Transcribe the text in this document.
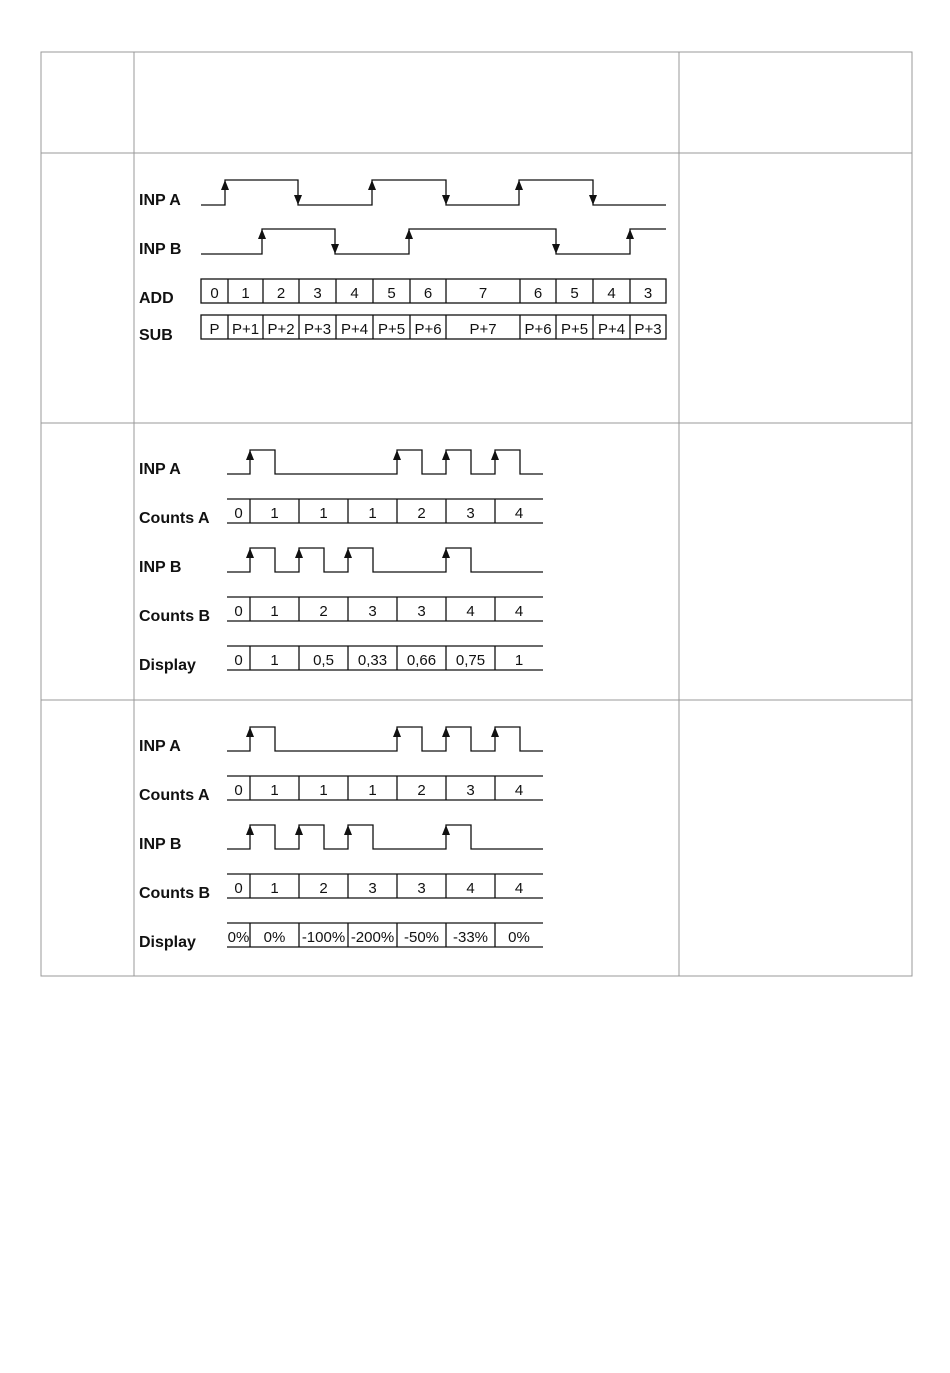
INP A
INP B
ADD 0 1 2 3 4 5 6	7	6 5 4 3
SUB P P+1 P+2 P+3 P+4 P+5 P+6 P+7 P+6 P+5 P+4 P+3
INP A
Counts A 0 1	1	1	2	3	4
INP B
Counts B 0 1	2	3	3	4	4
Display	0 1 0,5 0,33 0,66 0,75 1
INP A
Counts A 0 1	1	1	2	3	4
INP B
Counts B 0 1	2	3	3	4	4
Display 0% 0% -100% -200% -50% -33% 0%
